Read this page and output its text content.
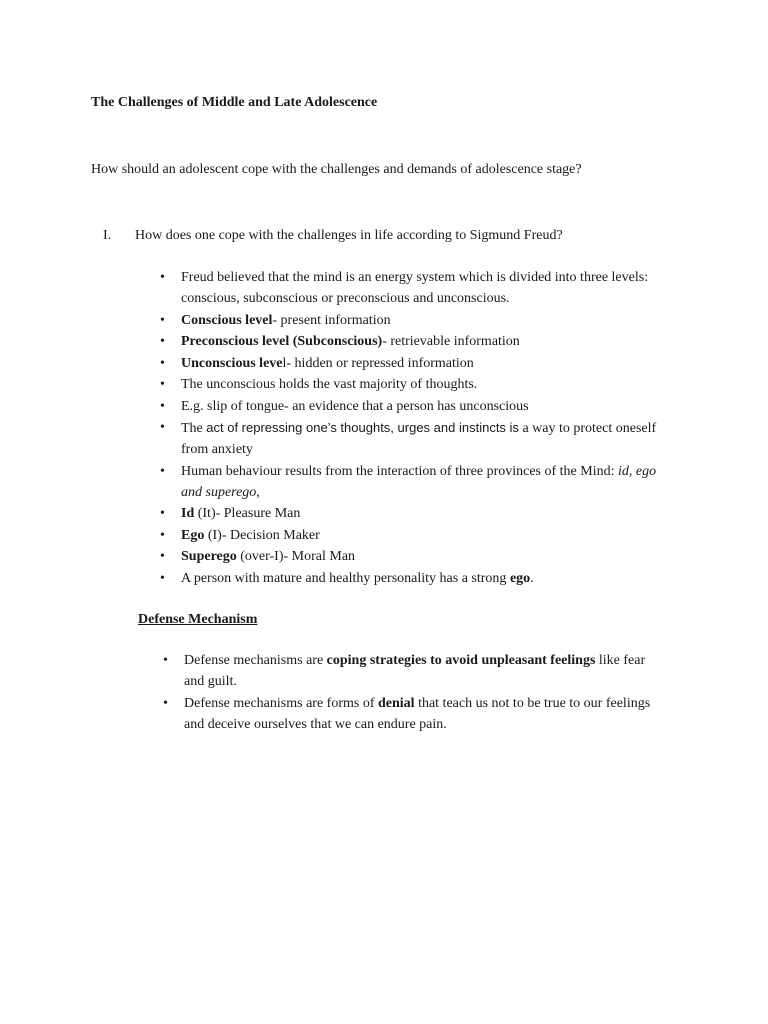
The Challenges of Middle and Late Adolescence

How should an adolescent cope with the challenges and demands of adolescence stage?

I. How does one cope with the challenges in life according to Sigmund Freud?
• Freud believed that the mind is an energy system which is divided into three levels: conscious, subconscious or preconscious and unconscious.
• Conscious level- present information
• Preconscious level (Subconscious)- retrievable information
• Unconscious level- hidden or repressed information
• The unconscious holds the vast majority of thoughts.
• E.g. slip of tongue- an evidence that a person has unconscious
• The act of repressing one’s thoughts, urges and instincts is a way to protect oneself from anxiety
• Human behaviour results from the interaction of three provinces of the Mind: id, ego and superego,
• Id (It)- Pleasure Man
• Ego (I)- Decision Maker
• Superego (over-I)- Moral Man
• A person with mature and healthy personality has a strong ego.

Defense Mechanism

• Defense mechanisms are coping strategies to avoid unpleasant feelings like fear and guilt.
• Defense mechanisms are forms of denial that teach us not to be true to our feelings and deceive ourselves that we can endure pain.
